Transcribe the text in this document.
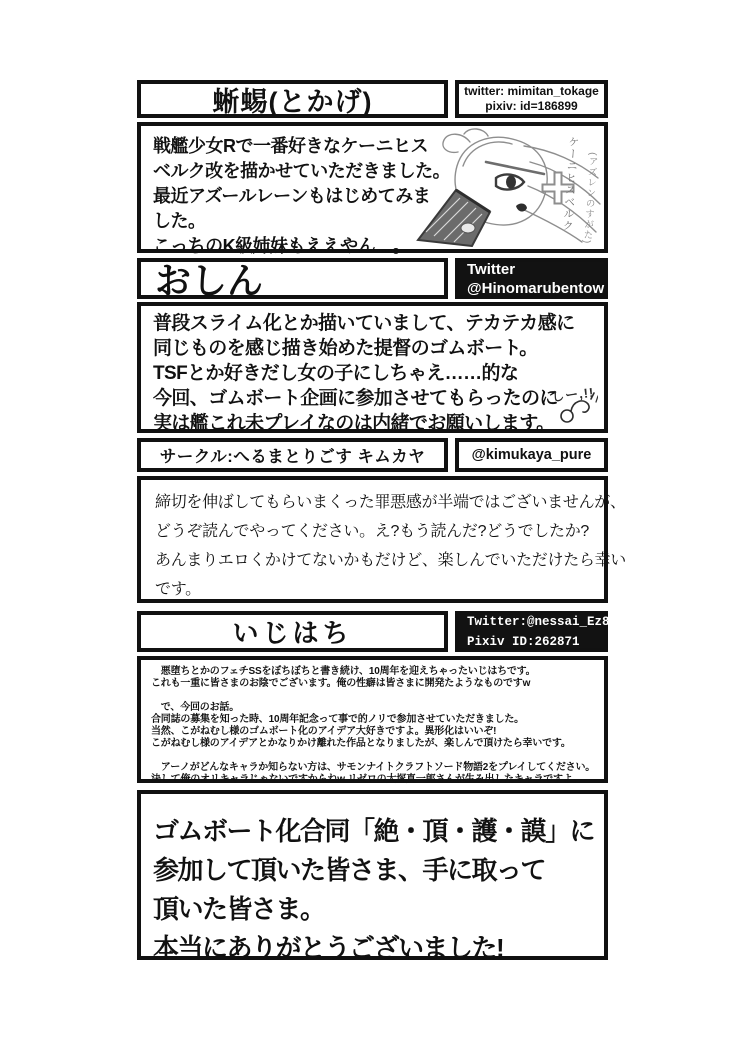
蜥蜴(とかげ)	twitter: mimitan_tokage
pixiv: id=186899
戦艦少女Rで一番好きなケーニヒス
ベルク改を描かせていただきました。
最近アズールレーンもはじめてみま
した。
こっちのK級姉妹もええやん…。
ケーニヒスベルク (アズレンのすがた)
おしん	Twitter
@Hinomarubentow
普段スライム化とか描いていまして、テカテカ感に
同じものを感じ描き始めた提督のゴムボート。
TSFとか好きだし女の子にしちゃえ……的な
今回、ゴムボート企画に参加させてもらったのに
実は艦これ未プレイなのは内緒でお願いします。
しー,!!
サークル:へるまとりごす キムカヤ	@kimukaya_pure
締切を伸ばしてもらいまくった罪悪感が半端ではございませんが、
どうぞ読んでやってください。え?もう読んだ?どうでしたか?
あんまりエロくかけてないかもだけど、楽しんでいただけたら幸い
です。
いじはち	Twitter:@nessai_Ez8
Pixiv ID:262871
　悪堕ちとかのフェチSSをぼちぼちと書き続け、10周年を迎えちゃったいじはちです。
これも一重に皆さまのお陰でございます。俺の性癖は皆さまに開発たようなものですw
　で、今回のお話。
合同誌の募集を知った時、10周年記念って事で的ノリで参加させていただきました。
当然、こがねむし様のゴムボート化のアイデア大好きですよ。異形化はいいぞ!
こがねむし様のアイデアとかなりかけ離れた作品となりましたが、楽しんで頂けたら幸いです。
　アーノがどんなキャラか知らない方は、サモンナイトクラフトソード物語2をプレイしてください。
決して俺のオリキャラじゃないですからねw リゼロの大塚真一郎さんが生み出したキャラですよ。
ゴムボート化合同「絶・頂・護・謨」に
参加して頂いた皆さま、手に取って
頂いた皆さま。
本当にありがとうございました!
